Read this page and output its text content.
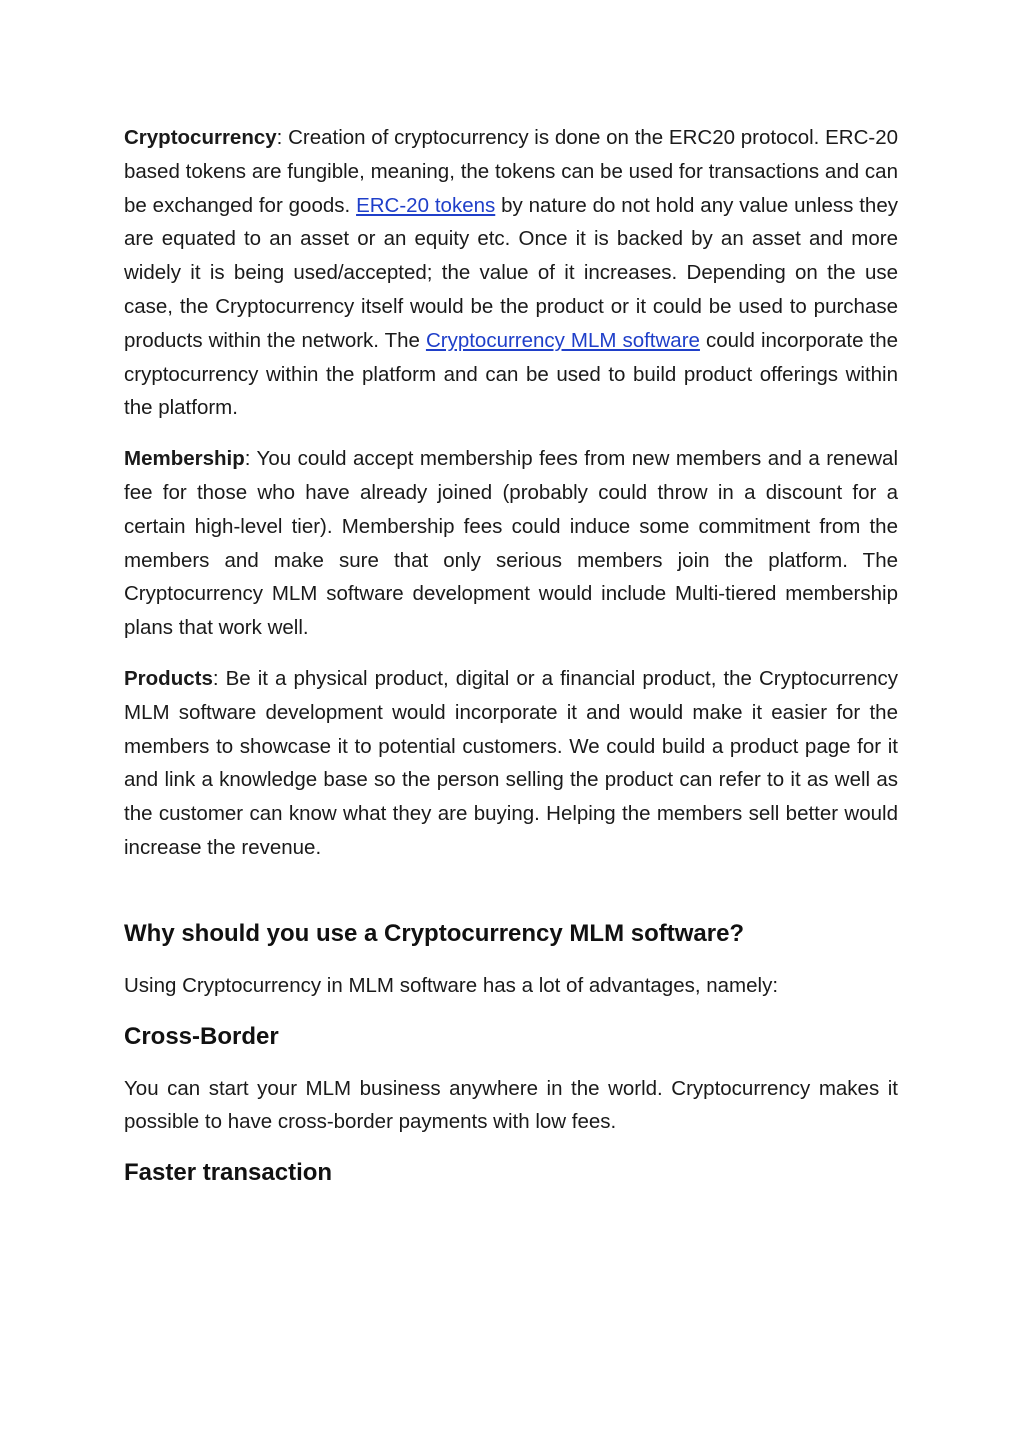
Cryptocurrency: Creation of cryptocurrency is done on the ERC20 protocol. ERC-20 based tokens are fungible, meaning, the tokens can be used for transactions and can be exchanged for goods. ERC-20 tokens by nature do not hold any value unless they are equated to an asset or an equity etc. Once it is backed by an asset and more widely it is being used/accepted; the value of it increases. Depending on the use case, the Cryptocurrency itself would be the product or it could be used to purchase products within the network. The Cryptocurrency MLM software could incorporate the cryptocurrency within the platform and can be used to build product offerings within the platform.

Membership: You could accept membership fees from new members and a renewal fee for those who have already joined (probably could throw in a discount for a certain high-level tier). Membership fees could induce some commitment from the members and make sure that only serious members join the platform. The Cryptocurrency MLM software development would include Multi-tiered membership plans that work well.

Products: Be it a physical product, digital or a financial product, the Cryptocurrency MLM software development would incorporate it and would make it easier for the members to showcase it to potential customers. We could build a product page for it and link a knowledge base so the person selling the product can refer to it as well as the customer can know what they are buying. Helping the members sell better would increase the revenue.

Why should you use a Cryptocurrency MLM software?

Using Cryptocurrency in MLM software has a lot of advantages, namely:

Cross-Border

You can start your MLM business anywhere in the world. Cryptocurrency makes it possible to have cross-border payments with low fees.

Faster transaction
